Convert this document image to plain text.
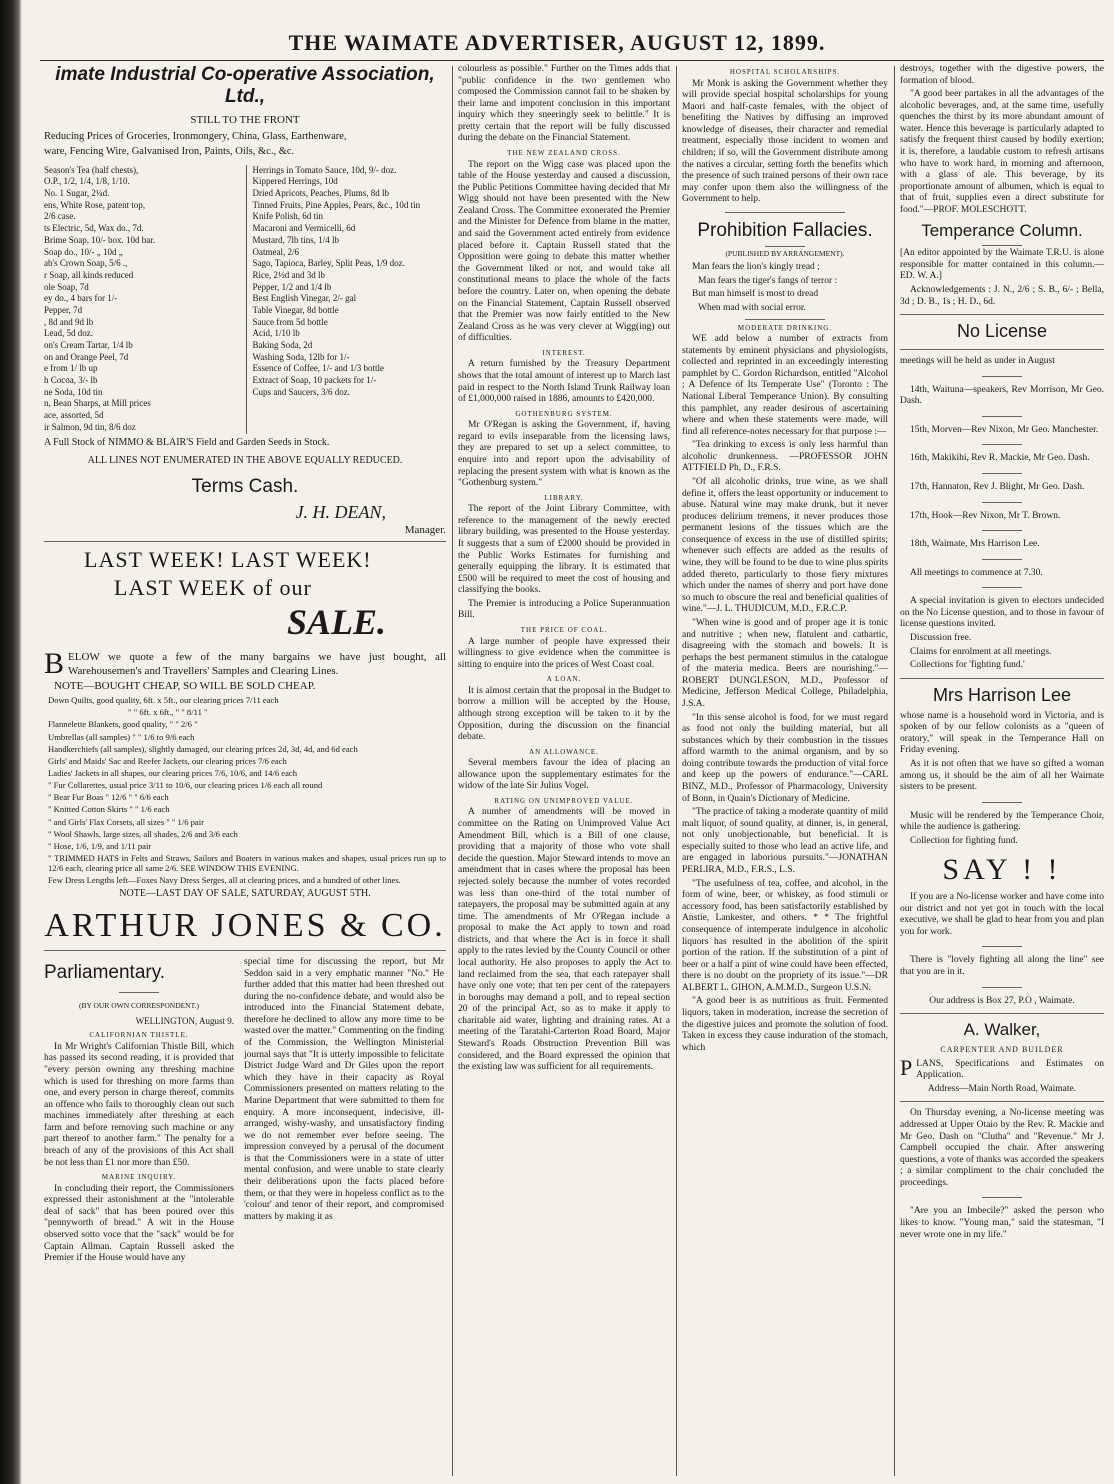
THE WAIMATE ADVERTISER, AUGUST 12, 1899.
imate Industrial Co-operative Association, Ltd.,

STILL TO THE FRONT

Reducing Prices of Groceries, Ironmongery, China, Glass, Earthenware,

ware, Fencing Wire, Galvanised Iron, Paints, Oils, &c., &c.

Season's Tea (half chests),
O.P., 1/2, 1/4, 1/8, 1/10.
No. 1 Sugar, 2¼d.
ens, White Rose, patent top,
2/6 case.
ts Electric, 5d, Wax do., 7d.
Brime Soap, 10/- box. 10d bar.
Soap do., 10/- „ 10d „
ab's Crown Soap, 5/6 .,
r Soap, all kinds reduced
ole Soap, 7d
ey do., 4 bars for 1/-
Pepper, 7d
, 8d and 9d lb
Lead, 5d doz.
on's Cream Tartar, 1/4 lb
on and Orange Peel, 7d
e from 1/ lb up
h Cocoa, 3/- lb
ne Soda, 10d tin
n, Bean Sharps, at Mill prices
ace, assorted, 5d
ir Salmon, 9d tin, 8/6 doz
Herrings in Tomato Sauce, 10d, 9/- doz.
Kippered Herrings, 10d
Dried Apricots, Peaches, Plums, 8d lb
Tinned Fruits, Pine Apples, Pears, &c., 10d tin
Knife Polish, 6d tin
Macaroni and Vermicelli, 6d
Mustard, 7lb tins, 1/4 lb
Oatmeal, 2/6
Sago, Tapioca, Barley, Split Peas, 1/9 doz.
Rice, 2½d and 3d lb
Pepper, 1/2 and 1/4 lb
Best English Vinegar, 2/- gal
Table Vinegar, 8d bottle
Sauce from 5d bottle
Acid, 1/10 lb
Baking Soda, 2d
Washing Soda, 12lb for 1/-
Essence of Coffee, 1/- and 1/3 bottle
Extract of Soap, 10 packets for 1/-
Cups and Saucers, 3/6 doz.

A Full Stock of NIMMO & BLAIR'S Field and Garden Seeds in Stock.

ALL LINES NOT ENUMERATED IN THE ABOVE EQUALLY REDUCED.

Terms Cash.
J. H. DEAN,

Manager.

LAST WEEK! LAST WEEK!
LAST WEEK of our
SALE.

B ELOW we quote a few of the many bargains we have just bought, all Warehousemen's and Travellers' Samples and Clearing Lines.

NOTE—BOUGHT CHEAP, SO WILL BE SOLD CHEAP.

Down Quilts, good quality, 6ft. x 5ft., our clearing prices 7/11 each

" " 6ft. x 6ft., " " 8/11 "

Flannelette Blankets, good quality, " " 2/6 "

Umbrellas (all samples) " " 1/6 to 9/6 each

Handkerchiefs (all samples), slightly damaged, our clearing prices 2d, 3d, 4d, and 6d each

Girls' and Maids' Sac and Reefer Jackets, our clearing prices 7/6 each

Ladies' Jackets in all shapes, our clearing prices 7/6, 10/6, and 14/6 each

" Fur Collarettes, usual price 3/11 to 10/6, our clearing prices 1/6 each all round

" Bear Fur Boas " 12/6 " " 6/6 each

" Knitted Cotton Skirts " " 1/6 each

" and Girls' Flax Corsets, all sizes " " 1/6 pair

" Wool Shawls, large sizes, all shades, 2/6 and 3/6 each

" Hose, 1/6, 1/9, and 1/11 pair

" TRIMMED HATS in Felts and Straws, Sailors and Boaters in various makes and shapes, usual prices run up to 12/6 each, clearing price all same 2/6. SEE WINDOW THIS EVENING.

Few Dress Lengths left—Foxes Navy Dress Serges, all at clearing prices, and a hundred of other lines.

NOTE—LAST DAY OF SALE, SATURDAY, AUGUST 5TH.

ARTHUR JONES & CO.
Parliamentary.

(BY OUR OWN CORRESPONDENT.)

WELLINGTON, August 9.

CALIFORNIAN THISTLE.

In Mr Wright's Californian Thistle Bill, which has passed its second reading, it is provided that "every person owning any threshing machine which is used for threshing on more farms than one, and every person in charge thereof, commits an offence who fails to thoroughly clean out such machines immediately after threshing at each farm and before removing such machine or any part thereof to another farm." The penalty for a breach of any of the provisions of this Act shall be not less than £1 nor more than £50.

MARINE INQUIRY.

In concluding their report, the Commissioners expressed their astonishment at the "intolerable deal of sack" that has been poured over this "pennyworth of bread." A wit in the House observed sotto voce that the "sack" would be for Captain Allman. Captain Russell asked the Premier if the House would have any

special time for discussing the report, but Mr Seddon said in a very emphatic manner "No." He further added that this matter had been threshed out during the no-confidence debate, and would also be introduced into the Financial Statement debate, therefore he declined to allow any more time to be wasted over the matter." Commenting on the finding of the Commission, the Wellington Ministerial journal says that "It is utterly impossible to felicitate District Judge Ward and Dr Giles upon the report which they have in their capacity as Royal Commissioners presented on matters relating to the Marine Department that were submitted to them for enquiry. A more inconsequent, indecisive, ill-arranged, wishy-washy, and unsatisfactory finding we do not remember ever before seeing. The impression conveyed by a perusal of the document is that the Commissioners were in a state of utter mental confusion, and were unable to state clearly their deliberations upon the facts placed before them, or that they were in hopeless conflict as to the 'colour' and tenor of their report, and compromised matters by making it as

colourless as possible." Further on the Times adds that "public confidence in the two gentlemen who composed the Commission cannot fail to be shaken by their lame and impotent conclusion in this important inquiry which they sneeringly seek to belittle." It is pretty certain that the report will be fully discussed during the debate on the Financial Statement.

THE NEW ZEALAND CROSS.

The report on the Wigg case was placed upon the table of the House yesterday and caused a discussion, the Public Petitions Committee having decided that Mr Wigg should not have been presented with the New Zealand Cross. The Committee exonerated the Premier and the Minister for Defence from blame in the matter, and said the Government acted entirely from evidence placed before it. Captain Russell stated that the Opposition were going to debate this matter whether the Government liked or not, and would take all constitutional means to place the whole of the facts before the country. Later on, when opening the debate on the Financial Statement, Captain Russell observed that the Premier was now fairly entitled to the New Zealand Cross as he was very clever at Wigg(ing) out of difficulties.

INTEREST.

A return furnished by the Treasury Department shows that the total amount of interest up to March last paid in respect to the North Island Trunk Railway loan of £1,000,000 raised in 1886, amounts to £420,000.

GOTHENBURG SYSTEM.

Mr O'Regan is asking the Government, if, having regard to evils inseparable from the licensing laws, they are prepared to set up a select committee, to enquire into and report upon the advisability of replacing the present system with what is known as the "Gothenburg system."

LIBRARY.

The report of the Joint Library Committee, with reference to the management of the newly erected library building, was presented to the House yesterday. It suggests that a sum of £2000 should be provided in the Public Works Estimates for furnishing and generally equipping the library. It is estimated that £500 will be required to meet the cost of housing and classifying the books.

The Premier is introducing a Police Superannuation Bill.

THE PRICE OF COAL.

A large number of people have expressed their willingness to give evidence when the committee is sitting to enquire into the prices of West Coast coal.

A LOAN.

It is almost certain that the proposal in the Budget to borrow a million will be accepted by the House, although strong exception will be taken to it by the Opposition, during the discussion on the financial debate.

AN ALLOWANCE.

Several members favour the idea of placing an allowance upon the supplementary estimates for the widow of the late Sir Julius Vogel.

RATING ON UNIMPROVED VALUE.

A number of amendments will be moved in committee on the Rating on Unimproved Value Act Amendment Bill, which is a Bill of one clause, providing that a majority of those who vote shall decide the question. Major Steward intends to move an amendment that in cases where the proposal has been rejected solely because the number of votes recorded was less than one-third of the total number of ratepayers, the proposal may be submitted again at any time. The amendments of Mr O'Regan include a proposal to make the Act apply to town and road districts, and that where the Act is in force it shall apply to the rates levied by the County Council or other local authority. He also proposes to apply the Act to land reclaimed from the sea, that each ratepayer shall have only one vote; that ten per cent of the ratepayers in boroughs may demand a poll, and to repeal section 20 of the principal Act, so as to make it apply to charitable aid water, lighting and draining rates. At a meeting of the Taratahi-Carterton Road Board, Major Steward's Roads Obstruction Prevention Bill was considered, and the Board expressed the opinion that the existing law was sufficient for all requirements.

HOSPITAL SCHOLARSHIPS.

Mr Monk is asking the Government whether they will provide special hospital scholarships for young Maori and half-caste females, with the object of benefiting the Natives by diffusing an improved knowledge of diseases, their character and remedial treatment, especially those incident to women and children; if so, will the Government distribute among the natives a circular, setting forth the benefits which the presence of such trained persons of their own race may confer upon them also the willingness of the Government to help.

Prohibition Fallacies.

(PUBLISHED BY ARRANGEMENT).

Man fears the lion's kingly tread ;

Man fears the tiger's fangs of terror :

But man himself is most to dread

When mad with social error.

MODERATE DRINKING.

WE add below a number of extracts from statements by eminent physicians and physiologists, collected and reprinted in an exceedingly interesting pamphlet by C. Gordon Richardson, entitled "Alcohol ; A Defence of Its Temperate Use" (Toronto : The National Liberal Temperance Union). By consulting this pamphlet, any reader desirous of ascertaining where and when these statements were made, will find all reference-notes necessary for that purpose :—

"Tea drinking to excess is only less harmful than alcoholic drunkenness. —PROFESSOR JOHN ATTFIELD Ph, D., F.R.S.

"Of all alcoholic drinks, true wine, as we shall define it, offers the least opportunity or inducement to abuse. Natural wine may make drunk, but it never produces delirium tremens, it never produces those permanent lesions of the tissues which are the consequence of excess in the use of distilled spirits; whenever such effects are added as the results of wine, they will be found to be due to wine plus spirits added thereto, particularly to those fiery mixtures which under the names of sherry and port have done so much to obscure the real and beneficial qualities of wine."—J. L. THUDICUM, M.D., F.R.C.P.

"When wine is good and of proper age it is tonic and nutritive ; when new, flatulent and cathartic, disagreeing with the stomach and bowels. It is perhaps the best permanent stimulus in the catalogue of the materia medica. Beers are nourishing."—ROBERT DUNGLESON, M.D., Professor of Medicine, Jefferson Medical College, Philadelphia, J.S.A.

"In this sense alcohol is food, for we must regard as food not only the building material, but all substances which by their combustion in the tissues afford warmth to the animal organism, and by so doing contribute towards the production of vital force and keep up the powers of endurance."—CARL BINZ, M.D., Professor of Pharmacology, University of Bonn, in Quain's Dictionary of Medicine.

"The practice of taking a moderate quantity of mild malt liquor, of sound quality, at dinner, is, in general, not only unobjectionable, but beneficial. It is especially suited to those who lead an active life, and are engaged in laborious pursuits."—JONATHAN PERLIRA, M.D., F.R.S., L.S.

"The usefulness of tea, coffee, and alcohol, in the form of wine, beer, or whiskey, as food stimuli or accessory food, has been satisfactorily established by Anstie, Lankester, and others. * * The frightful consequence of intemperate indulgence in alcoholic liquors has resulted in the abolition of the spirit portion of the ration. If the substitution of a pint of beer or a half a pint of wine could have been effected, there is no doubt on the propriety of its issue."—DR ALBERT L. GIHON, A.M.M.D., Surgeon U.S.N.

"A good beer is as nutritious as fruit. Fermented liquors, taken in moderation, increase the secretion of the digestive juices and promote the solution of food. Taken in excess they cause induration of the stomach, which

destroys, together with the digestive powers, the formation of blood.

"A good beer partakes in all the advantages of the alcoholic beverages, and, at the same time, usefully quenches the thirst by its more abundant amount of water. Hence this beverage is particularly adapted to satisfy the frequent thirst caused by bodily exertion; it is, therefore, a laudable custom to refresh artisans who have to work hard, in morning and afternoon, with a glass of ale. This beverage, by its proportionate amount of albumen, which is equal to that of fruit, supplies even a direct substitute for food."—PROF. MOLESCHOTT.

Temperance Column.

[An editor appointed by the Waimate T.R.U. is alone responsible for matter contained in this column.—ED. W. A.]

Acknowledgements : J. N., 2/6 ; S. B., 6/- ; Bella, 3d ; D. B., 1s ; H. D., 6d.

No License

meetings will be held as under in August

14th, Waituna—speakers, Rev Morrison, Mr Geo. Dash.

15th, Morven—Rev Nixon, Mr Geo. Manchester.

16th, Makikihi, Rev R. Mackie, Mr Geo. Dash.

17th, Hannaton, Rev J. Blight, Mr Geo. Dash.

17th, Hook—Rev Nixon, Mr T. Brown.

18th, Waimate, Mrs Harrison Lee.

All meetings to commence at 7.30.

A special invitation is given to electors undecided on the No License question, and to those in favour of license questions invited.

Discussion free.

Claims for enrolment at all meetings.

Collections for 'fighting fund.'

Mrs Harrison Lee

whose name is a household word in Victoria, and is spoken of by our fellow colonists as a "queen of oratory," will speak in the Temperance Hall on Friday evening.

As it is not often that we have so gifted a woman among us, it should be the aim of all her Waimate sisters to be present.

Music will be rendered by the Temperance Choir, while the audience is gathering.

Collection for fighting fund.

SAY ! !

If you are a No-license worker and have come into our district and not yet got in touch with the local executive, we shall be glad to hear from you and plan you for work.

There is "lovely fighting all along the line" see that you are in it.

Our address is Box 27, P.O , Waimate.

A. Walker,

CARPENTER AND BUILDER

P LANS, Specifications and Estimates on Application.

Address—Main North Road, Waimate.

On Thursday evening, a No-license meeting was addressed at Upper Otaio by the Rev. R. Mackie and Mr Geo. Dash on "Clutha" and "Revenue." Mr J. Campbell occupied the chair. After answering questions, a vote of thanks was accorded the speakers ; a similar compliment to the chair concluded the proceedings.

"Are you an Imbecile?" asked the person who likes to know. "Young man," said the statesman, "I never wrote one in my life."
